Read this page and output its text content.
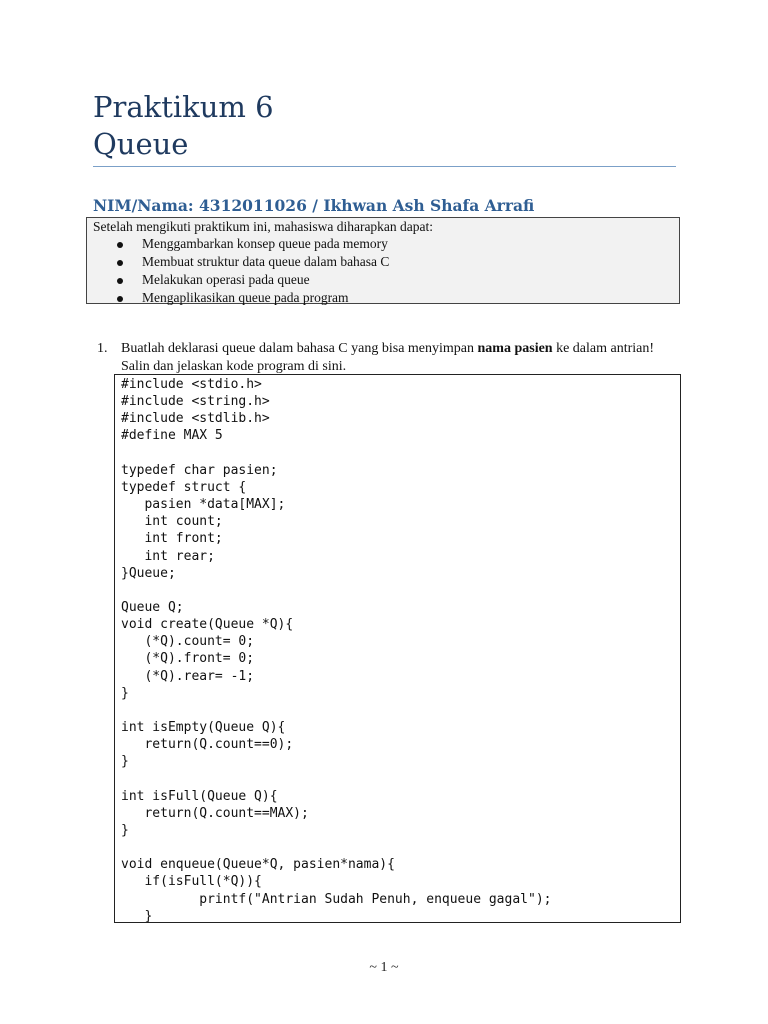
Praktikum 6
Queue
NIM/Nama: 4312011026 / Ikhwan Ash Shafa Arrafi
Setelah mengikuti praktikum ini, mahasiswa diharapkan dapat:
Menggambarkan konsep queue pada memory
Membuat struktur data queue dalam bahasa C
Melakukan operasi pada queue
Mengaplikasikan queue pada program
1. Buatlah deklarasi queue dalam bahasa C yang bisa menyimpan nama pasien ke dalam antrian! Salin dan jelaskan kode program di sini.
#include <stdio.h>
#include <string.h>
#include <stdlib.h>
#define MAX 5
typedef char pasien;
typedef struct {
pasien *data[MAX];
int count;
int front;
int rear;
}Queue;
Queue Q;
void create(Queue *Q){
(*Q).count= 0;
(*Q).front= 0;
(*Q).rear= -1;
}
int isEmpty(Queue Q){
return(Q.count==0);
}
int isFull(Queue Q){
return(Q.count==MAX);
}
void enqueue(Queue*Q, pasien*nama){
if(isFull(*Q)){
printf("Antrian Sudah Penuh, enqueue gagal");
}
~ 1 ~
